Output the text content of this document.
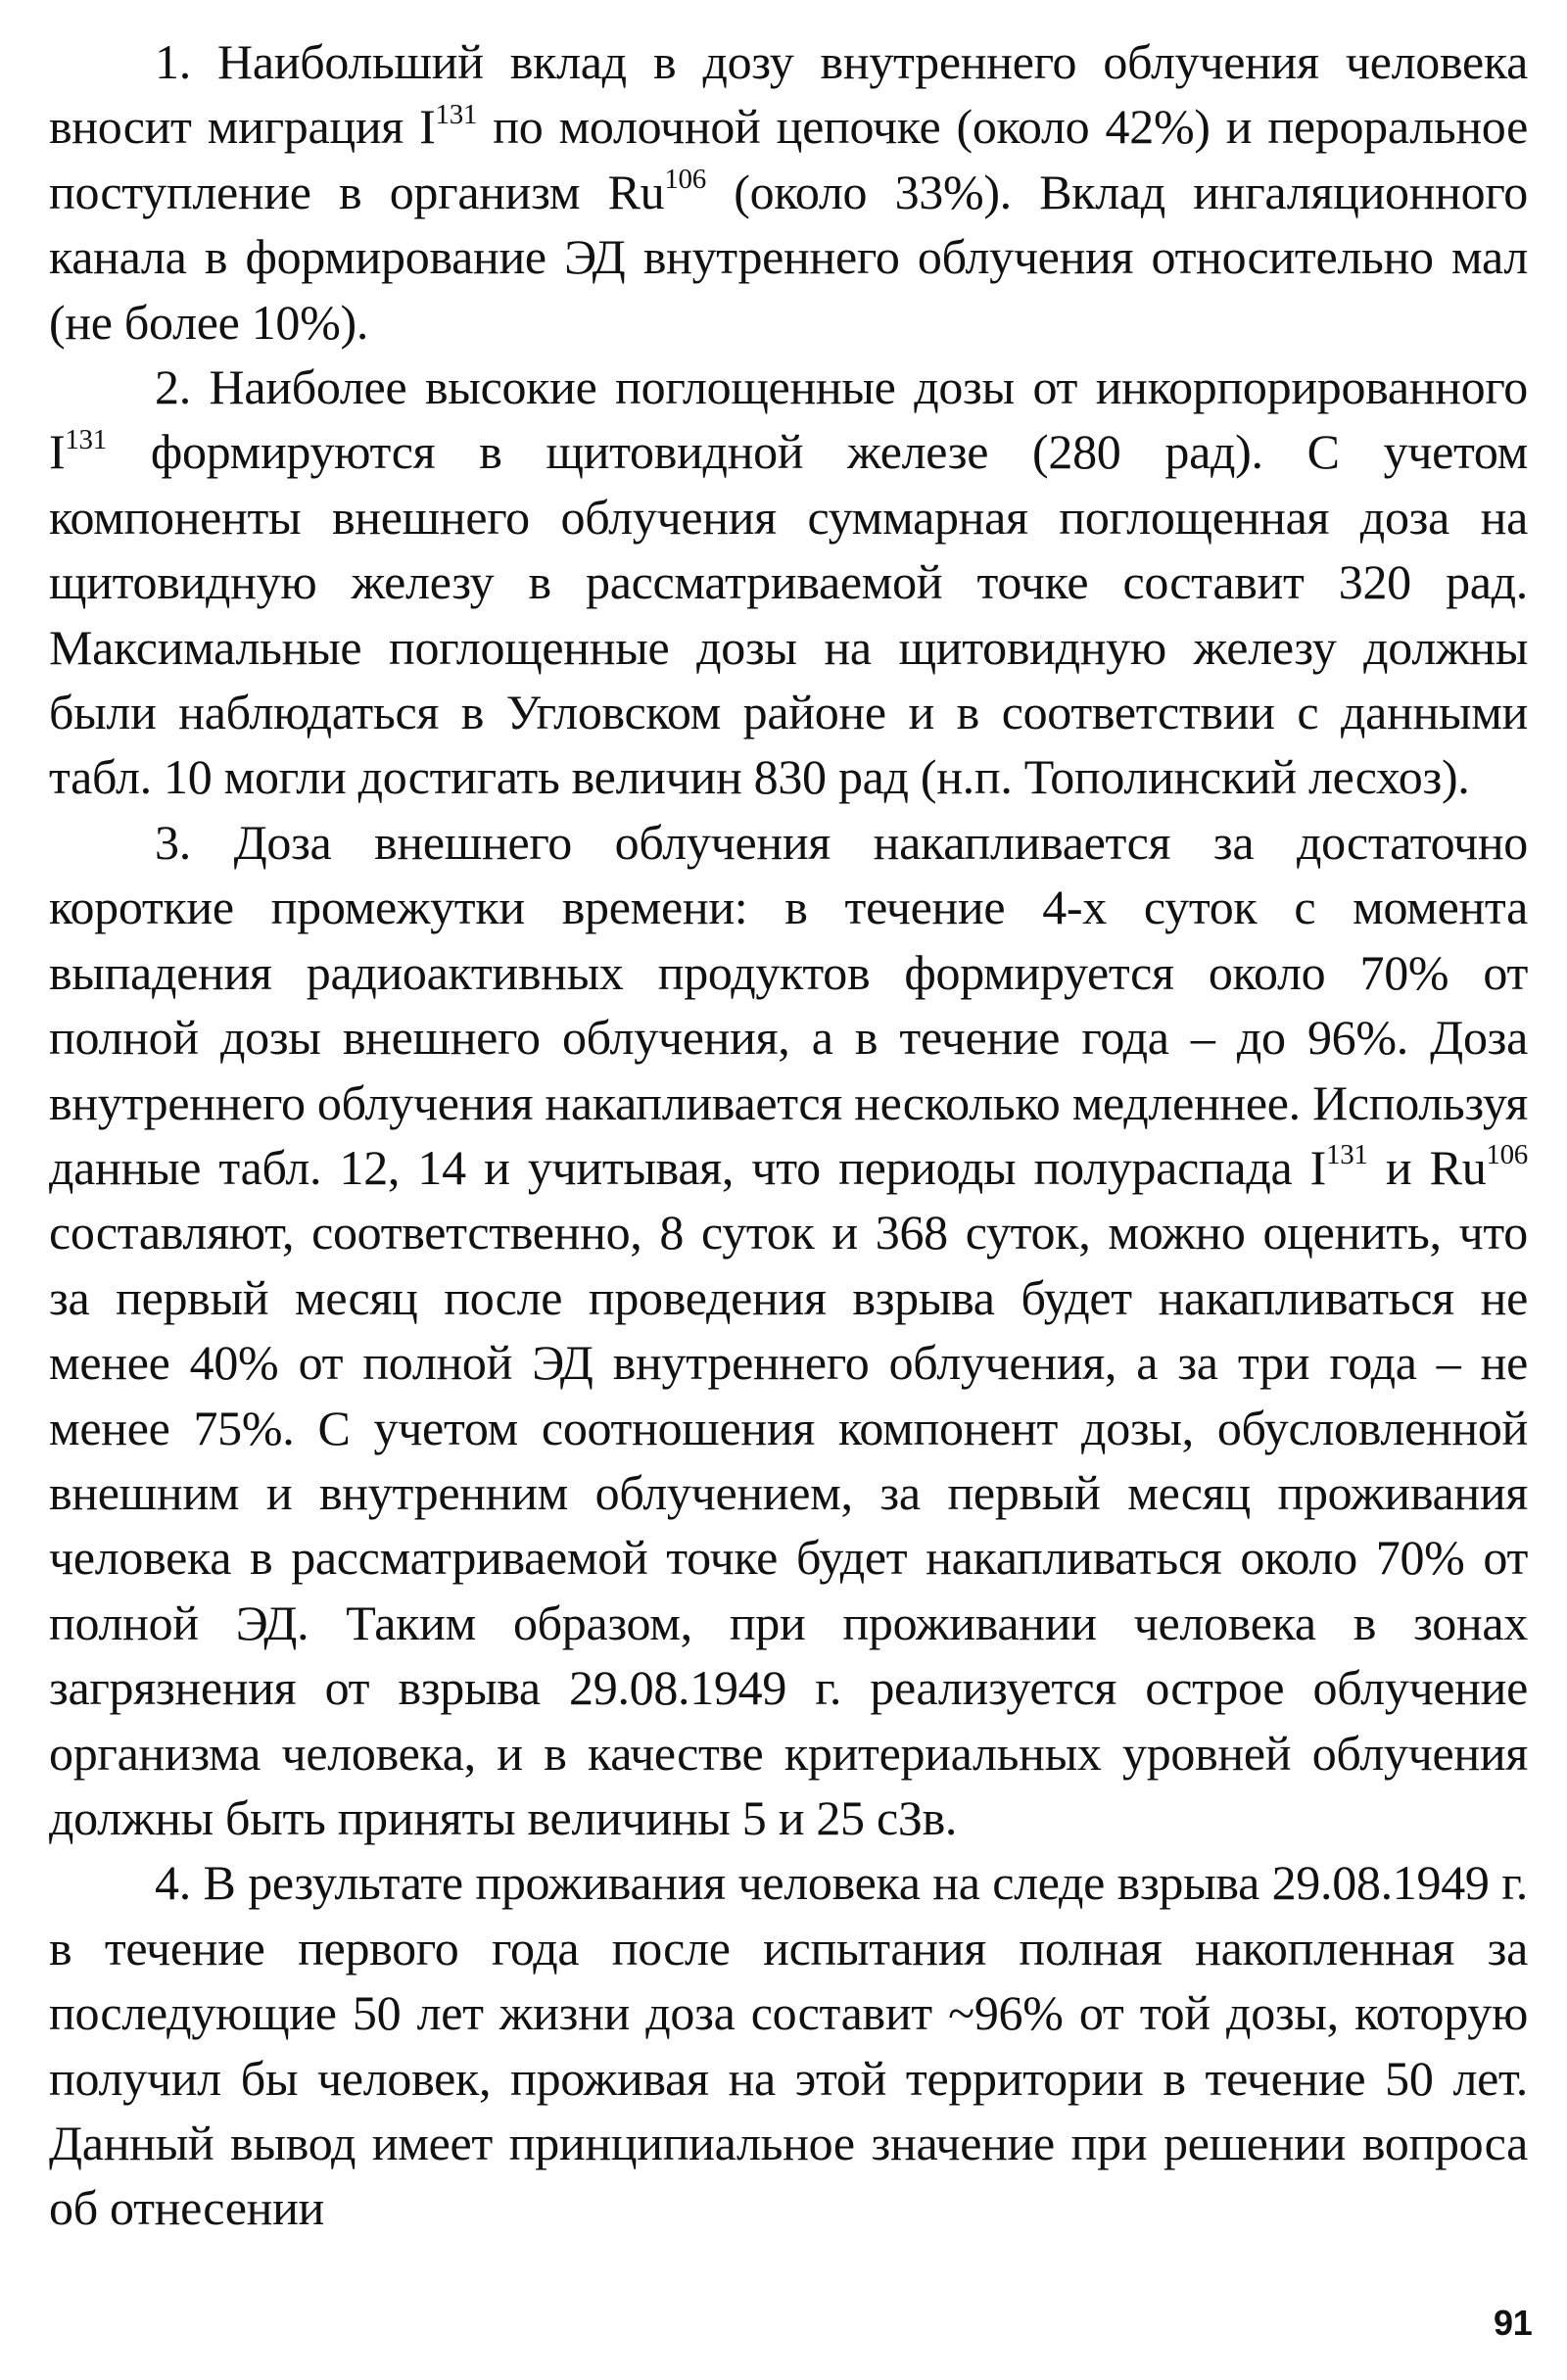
1. Наибольший вклад в дозу внутреннего облучения человека вносит миграция $I^{131}$ по молочной цепочке (около 42%) и пероральное поступление в организм Ru$^{106}$ (около 33%). Вклад ингаляционного канала в формирование ЭД внутреннего облучения относительно мал (не более 10%).

2. Наиболее высокие поглощенные дозы от инкорпорированного $I^{131}$ формируются в щитовидной железе (280 рад). С учетом компоненты внешнего облучения суммарная поглощенная доза на щитовидную железу в рассматриваемой точке составит 320 рад. Максимальные поглощенные дозы на щитовидную железу должны были наблюдаться в Угловском районе и в соответствии с данными табл. 10 могли достигать величин 830 рад (н.п. Тополинский лесхоз).

3. Доза внешнего облучения накапливается за достаточно короткие промежутки времени: в течение 4-х суток с момента выпадения радиоактивных продуктов формируется около 70% от полной дозы внешнего облучения, а в течение года – до 96%. Доза внутреннего облучения накапливается несколько медленнее. Используя данные табл. 12, 14 и учитывая, что периоды полураспада $I^{131}$ и Ru$^{106}$ составляют, соответственно, 8 суток и 368 суток, можно оценить, что за первый месяц после проведения взрыва будет накапливаться не менее 40% от полной ЭД внутреннего облучения, а за три года – не менее 75%. С учетом соотношения компонент дозы, обусловленной внешним и внутренним облучением, за первый месяц проживания человека в рассматриваемой точке будет накапливаться около 70% от полной ЭД. Таким образом, при проживании человека в зонах загрязнения от взрыва 29.08.1949 г. реализуется острое облучение организма человека, и в качестве критериальных уровней облучения должны быть приняты величины 5 и 25 сЗв.

4. В результате проживания человека на следе взрыва 29.08.1949 г. в течение первого года после испытания полная накопленная за последующие 50 лет жизни доза составит ~96% от той дозы, которую получил бы человек, проживая на этой территории в течение 50 лет. Данный вывод имеет принципиальное значение при решении вопроса об отнесении

91
